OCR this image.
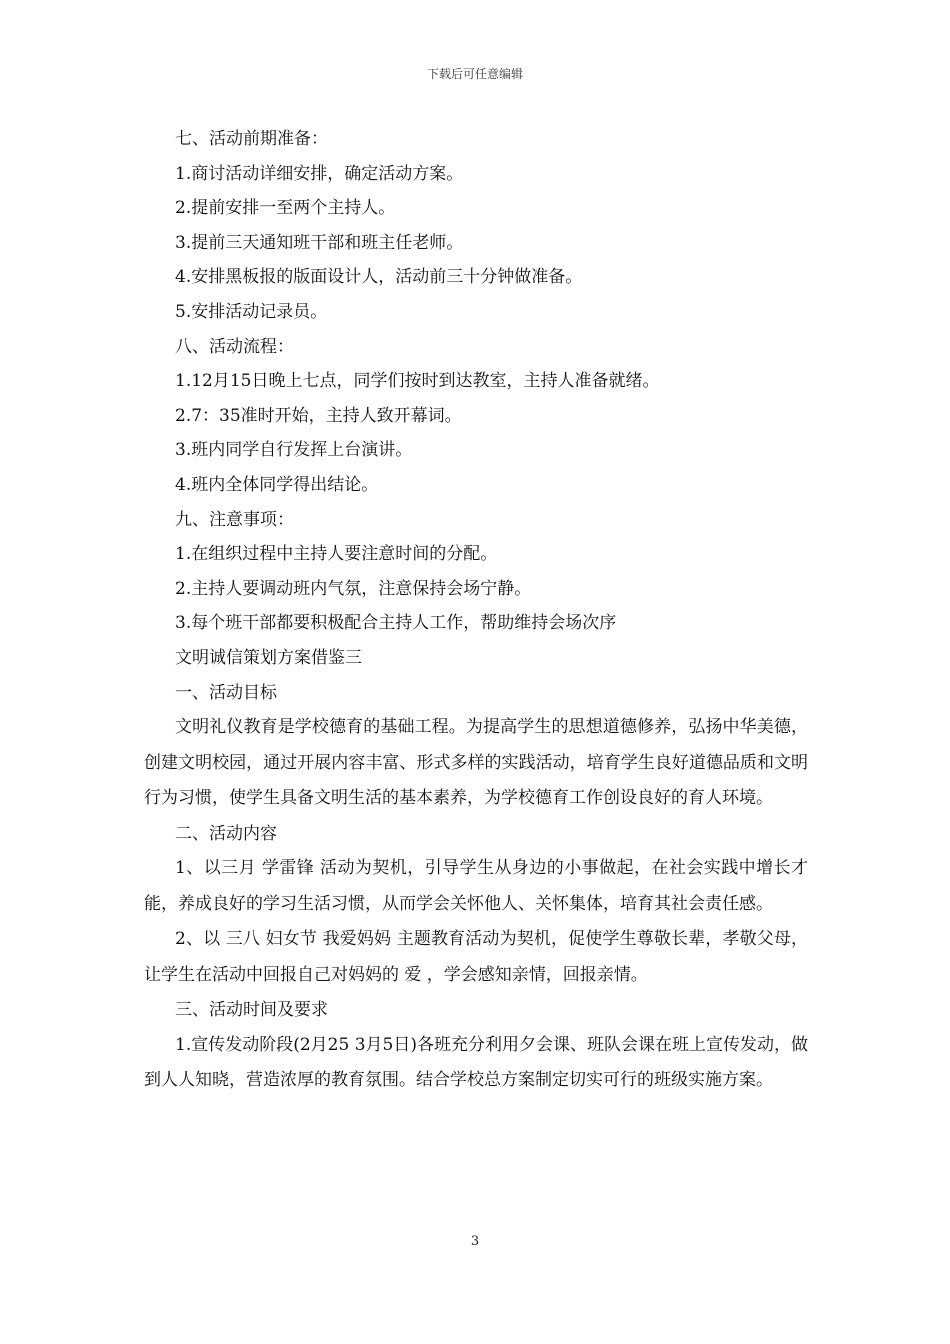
下载后可任意编辑
七、活动前期准备：
1.商讨活动详细安排，确定活动方案。
2.提前安排一至两个主持人。
3.提前三天通知班干部和班主任老师。
4.安排黑板报的版面设计人，活动前三十分钟做准备。
5.安排活动记录员。
八、活动流程：
1.12月15日晚上七点，同学们按时到达教室，主持人准备就绪。
2.7：35准时开始，主持人致开幕词。
3.班内同学自行发挥上台演讲。
4.班内全体同学得出结论。
九、注意事项：
1.在组织过程中主持人要注意时间的分配。
2.主持人要调动班内气氛，注意保持会场宁静。
3.每个班干部都要积极配合主持人工作，帮助维持会场次序
文明诚信策划方案借鉴三
一、活动目标

文明礼仪教育是学校德育的基础工程。为提高学生的思想道德修养，弘扬中华美德，创建文明校园，通过开展内容丰富、形式多样的实践活动，培育学生良好道德品质和文明行为习惯，使学生具备文明生活的基本素养，为学校德育工作创设良好的育人环境。

二、活动内容

1、以三月 学雷锋 活动为契机，引导学生从身边的小事做起，在社会实践中增长才能，养成良好的学习生活习惯，从而学会关怀他人、关怀集体，培育其社会责任感。

2、以 三八 妇女节 我爱妈妈 主题教育活动为契机，促使学生尊敬长辈，孝敬父母，让学生在活动中回报自己对妈妈的 爱 ，学会感知亲情，回报亲情。

三、活动时间及要求

1.宣传发动阶段(2月25 3月5日)各班充分利用夕会课、班队会课在班上宣传发动，做到人人知晓，营造浓厚的教育氛围。结合学校总方案制定切实可行的班级实施方案。

3
